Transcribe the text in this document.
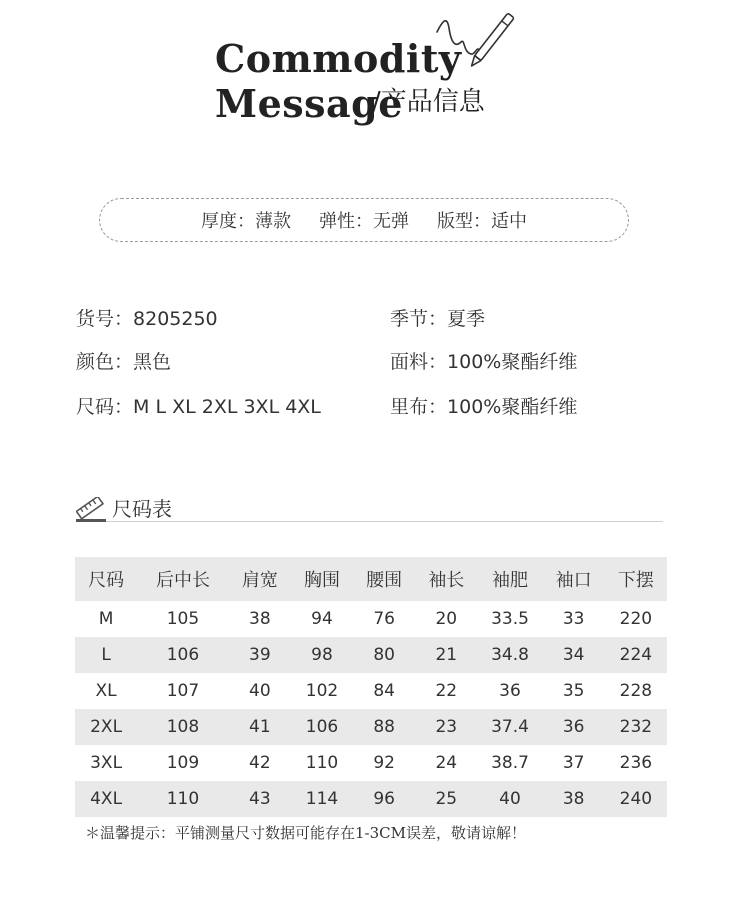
Commodity
Message
/产品信息
厚度：薄款 弹性：无弹 版型：适中
货号 ： 8205250
颜色 ： 黑色
尺码 ： M L XL 2XL 3XL 4XL
季节 ： 夏季
面料 ： 100%聚酯纤维
里布 ： 100%聚酯纤维
尺码表
尺码	后中长	肩宽	胸围	腰围	袖长	袖肥	袖口	下摆
M	105	38	94	76	20	33.5	33	220
L	106	39	98	80	21	34.8	34	224
XL	107	40	102	84	22	36	35	228
2XL	108	41	106	88	23	37.4	36	232
3XL	109	42	110	92	24	38.7	37	236
4XL	110	43	114	96	25	40	38	240
＊温馨提示：平铺测量尺寸数据可能存在1-3CM误差，敬请谅解！
